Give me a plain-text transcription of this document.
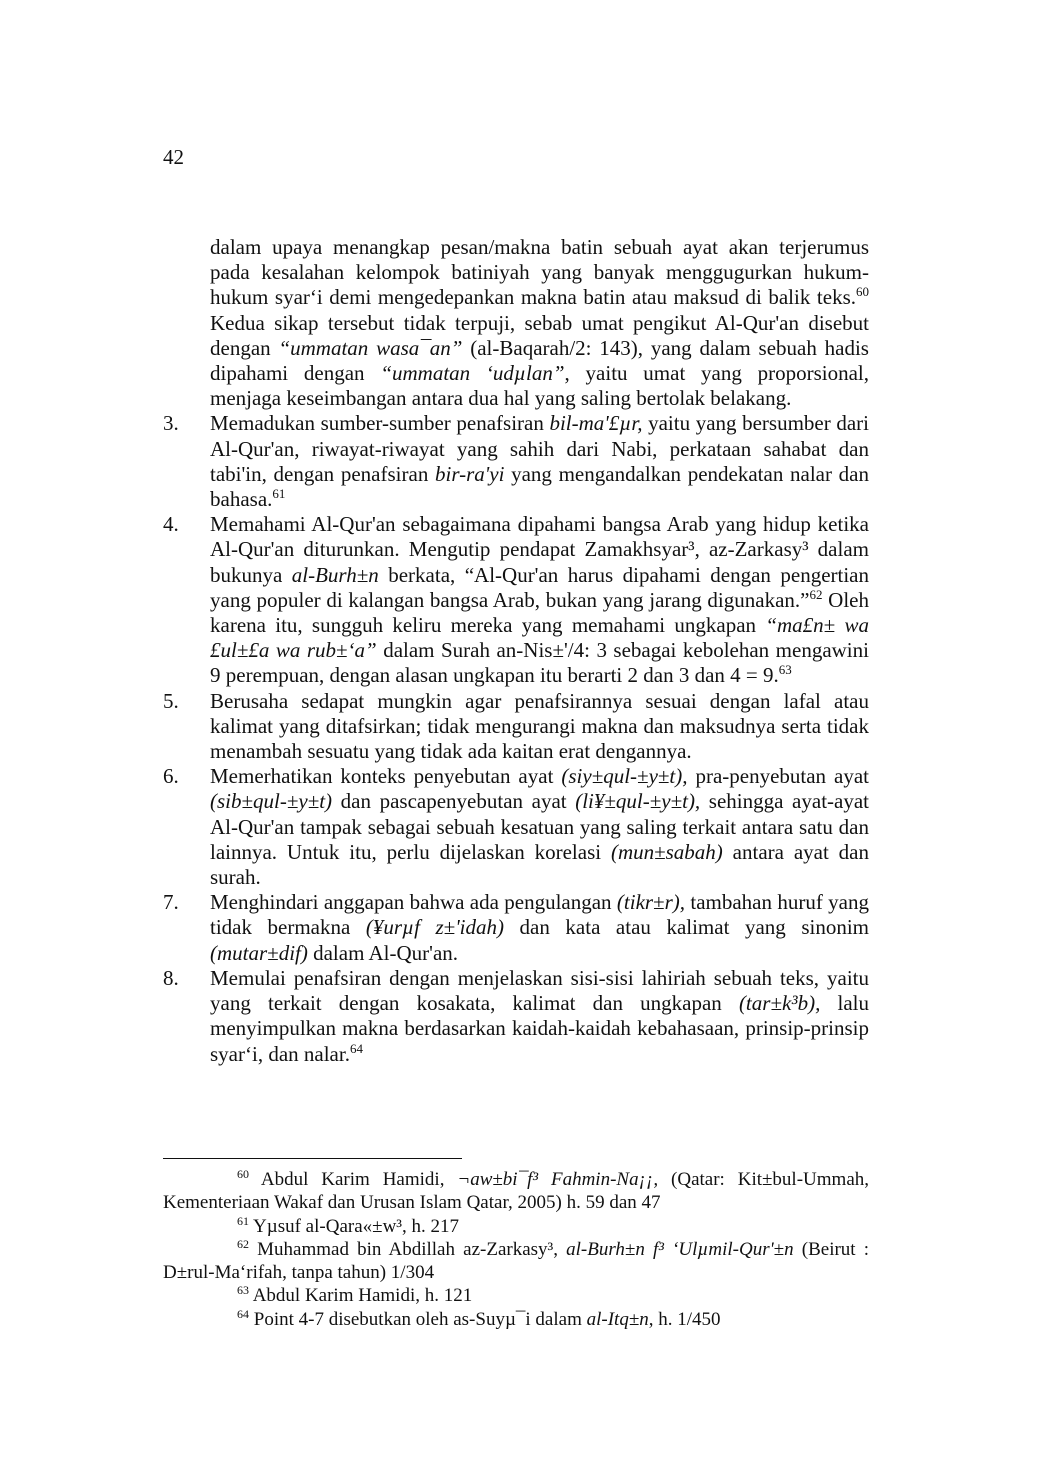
42

dalam upaya menangkap pesan/makna batin sebuah ayat akan terjerumus pada kesalahan kelompok batiniyah yang banyak menggugurkan hukum-hukum syar‘i demi mengedepankan makna batin atau maksud di balik teks.$^{60}$ Kedua sikap tersebut tidak terpuji, sebab umat pengikut Al-Qur'an disebut dengan “ummatan wasa¯an” (al-Baqarah/2: 143), yang dalam sebuah hadis dipahami dengan “ummatan ‘udµlan”, yaitu umat yang proporsional, menjaga keseimbangan antara dua hal yang saling bertolak belakang.

3. Memadukan sumber-sumber penafsiran bil-ma'£µr, yaitu yang bersumber dari Al-Qur'an, riwayat-riwayat yang sahih dari Nabi, perkataan sahabat dan tabi'in, dengan penafsiran bir-ra'yi yang mengandalkan pendekatan nalar dan bahasa.$^{61}$
4. Memahami Al-Qur'an sebagaimana dipahami bangsa Arab yang hidup ketika Al-Qur'an diturunkan. Mengutip pendapat Zamakhsyar³, az-Zarkasy³ dalam bukunya al-Burh±n berkata, “Al-Qur'an harus dipahami dengan pengertian yang populer di kalangan bangsa Arab, bukan yang jarang digunakan.”$^{62}$ Oleh karena itu, sungguh keliru mereka yang memahami ungkapan “ma£n± wa £ul±£a wa rub±‘a” dalam Surah an-Nis±'/4: 3 sebagai kebolehan mengawini 9 perempuan, dengan alasan ungkapan itu berarti 2 dan 3 dan 4 = 9.63
5. Berusaha sedapat mungkin agar penafsirannya sesuai dengan lafal atau kalimat yang ditafsirkan; tidak mengurangi makna dan maksudnya serta tidak menambah sesuatu yang tidak ada kaitan erat dengannya.
6. Memerhatikan konteks penyebutan ayat (siy±qul-±y±t), pra-penyebutan ayat (sib±qul-±y±t) dan pascapenyebutan ayat (li¥±qul-±y±t), sehingga ayat-ayat Al-Qur'an tampak sebagai sebuah kesatuan yang saling terkait antara satu dan lainnya. Untuk itu, perlu dijelaskan korelasi (mun±sabah) antara ayat dan surah.
7. Menghindari anggapan bahwa ada pengulangan (tikr±r), tambahan huruf yang tidak bermakna (¥urµf z±'idah) dan kata atau kalimat yang sinonim (mutar±dif) dalam Al-Qur'an.
8. Memulai penafsiran dengan menjelaskan sisi-sisi lahiriah sebuah teks, yaitu yang terkait dengan kosakata, kalimat dan ungkapan (tar±k³b), lalu menyimpulkan makna berdasarkan kaidah-kaidah kebahasaan, prinsip-prinsip syar‘i, dan nalar.$^{64}$
$^{60}$ Abdul Karim Hamidi, ¬aw±bi¯f³ Fahmin-Na¡¡, (Qatar: Kit±bul-Ummah, Kementeriaan Wakaf dan Urusan Islam Qatar, 2005) h. 59 dan 47
$^{61}$ Yµsuf al-Qara«±w³, h. 217
$^{62}$ Muhammad bin Abdillah az-Zarkasy³, al-Burh±n f³ ‘Ulµmil-Qur'±n (Beirut : D±rul-Ma‘rifah, tanpa tahun) 1/304
$^{63}$ Abdul Karim Hamidi, h. 121
$^{64}$ Point 4-7 disebutkan oleh as-Suyµ¯i dalam al-Itq±n, h. 1/450
